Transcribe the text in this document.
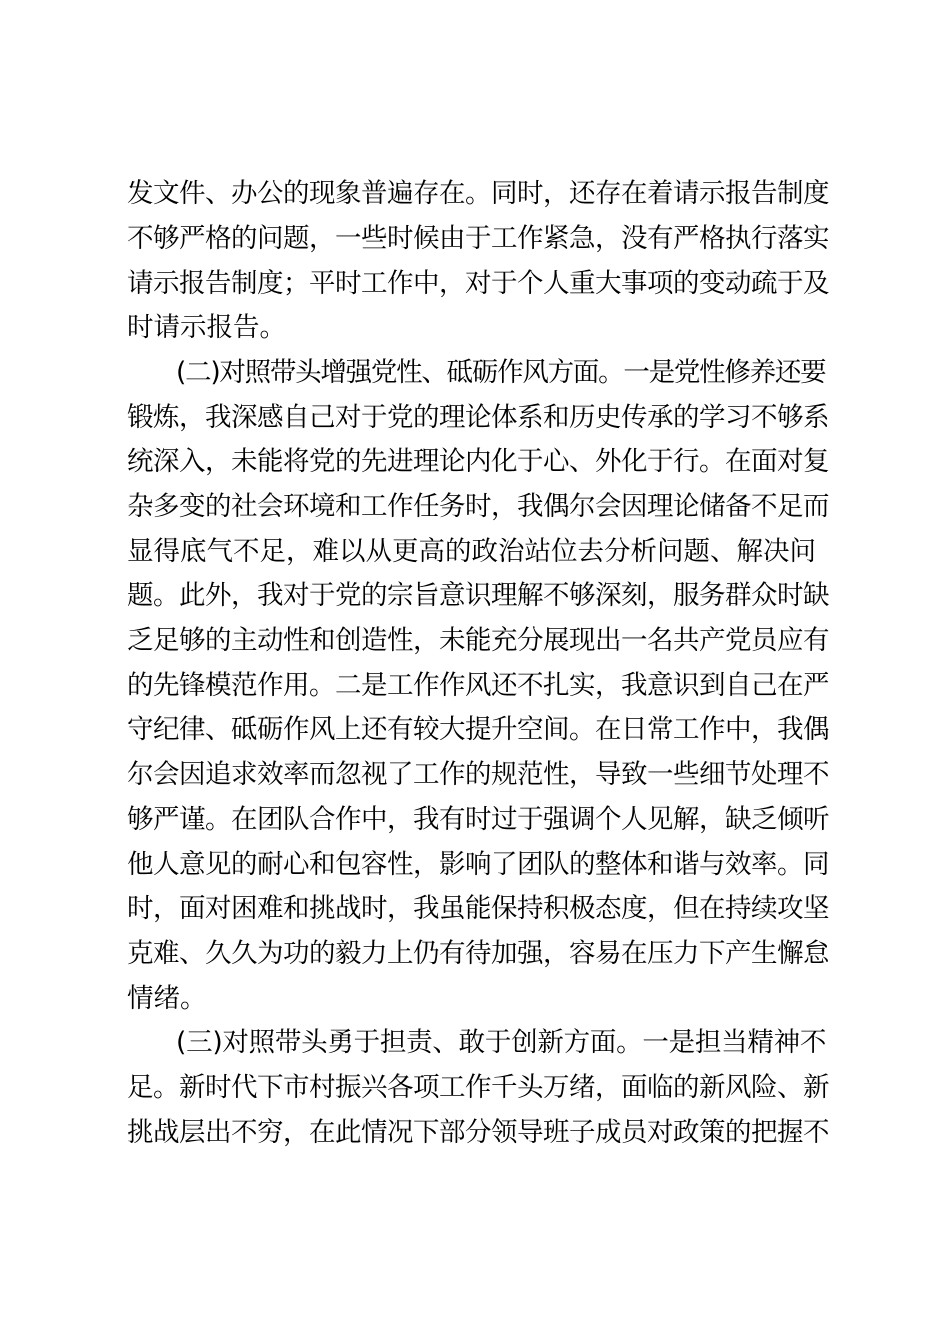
发文件、办公的现象普遍存在。同时，还存在着请示报告制度
不够严格的问题，一些时候由于工作紧急，没有严格执行落实
请示报告制度；平时工作中，对于个人重大事项的变动疏于及
时请示报告。
(二)对照带头增强党性、砥砺作风方面。一是党性修养还要
锻炼，我深感自己对于党的理论体系和历史传承的学习不够系
统深入，未能将党的先进理论内化于心、外化于行。在面对复
杂多变的社会环境和工作任务时，我偶尔会因理论储备不足而
显得底气不足，难以从更高的政治站位去分析问题、解决问
题。此外，我对于党的宗旨意识理解不够深刻，服务群众时缺
乏足够的主动性和创造性，未能充分展现出一名共产党员应有
的先锋模范作用。二是工作作风还不扎实，我意识到自己在严
守纪律、砥砺作风上还有较大提升空间。在日常工作中，我偶
尔会因追求效率而忽视了工作的规范性，导致一些细节处理不
够严谨。在团队合作中，我有时过于强调个人见解，缺乏倾听
他人意见的耐心和包容性，影响了团队的整体和谐与效率。同
时，面对困难和挑战时，我虽能保持积极态度，但在持续攻坚
克难、久久为功的毅力上仍有待加强，容易在压力下产生懈怠
情绪。
(三)对照带头勇于担责、敢于创新方面。一是担当精神不
足。新时代下市村振兴各项工作千头万绪，面临的新风险、新
挑战层出不穷，在此情况下部分领导班子成员对政策的把握不
